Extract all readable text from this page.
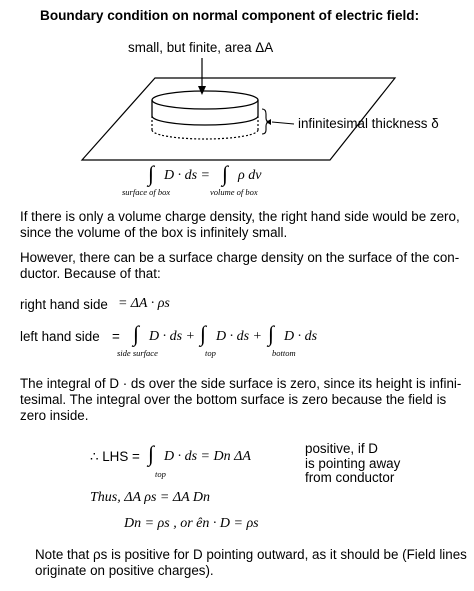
Boundary condition on normal component of electric field:
small, but finite, area ΔA
infinitesimal thickness δ
∫ D · ds = ∫ ρ dv
surface of box	volume of box
If there is only a volume charge density, the right hand side would be zero,
since the volume of the box is infinitely small.
However, there can be a surface charge density on the surface of the con-
ductor. Because of that:
right hand side = ΔA · ρs
left hand side = ∫ D · ds + ∫ D · ds + ∫ D · ds
side surface	top	bottom
The integral of D · ds over the side surface is zero, since its height is infini-
tesimal. The integral over the bottom surface is zero because the field is
zero inside.
∴ LHS = ∫ D · ds = Dn ΔA
top
positive, if D
is pointing away
from conductor
Thus, ΔA ρs = ΔA Dn
Dn = ρs , or ên · D = ρs
Note that ρs is positive for D pointing outward, as it should be (Field lines
originate on positive charges).
